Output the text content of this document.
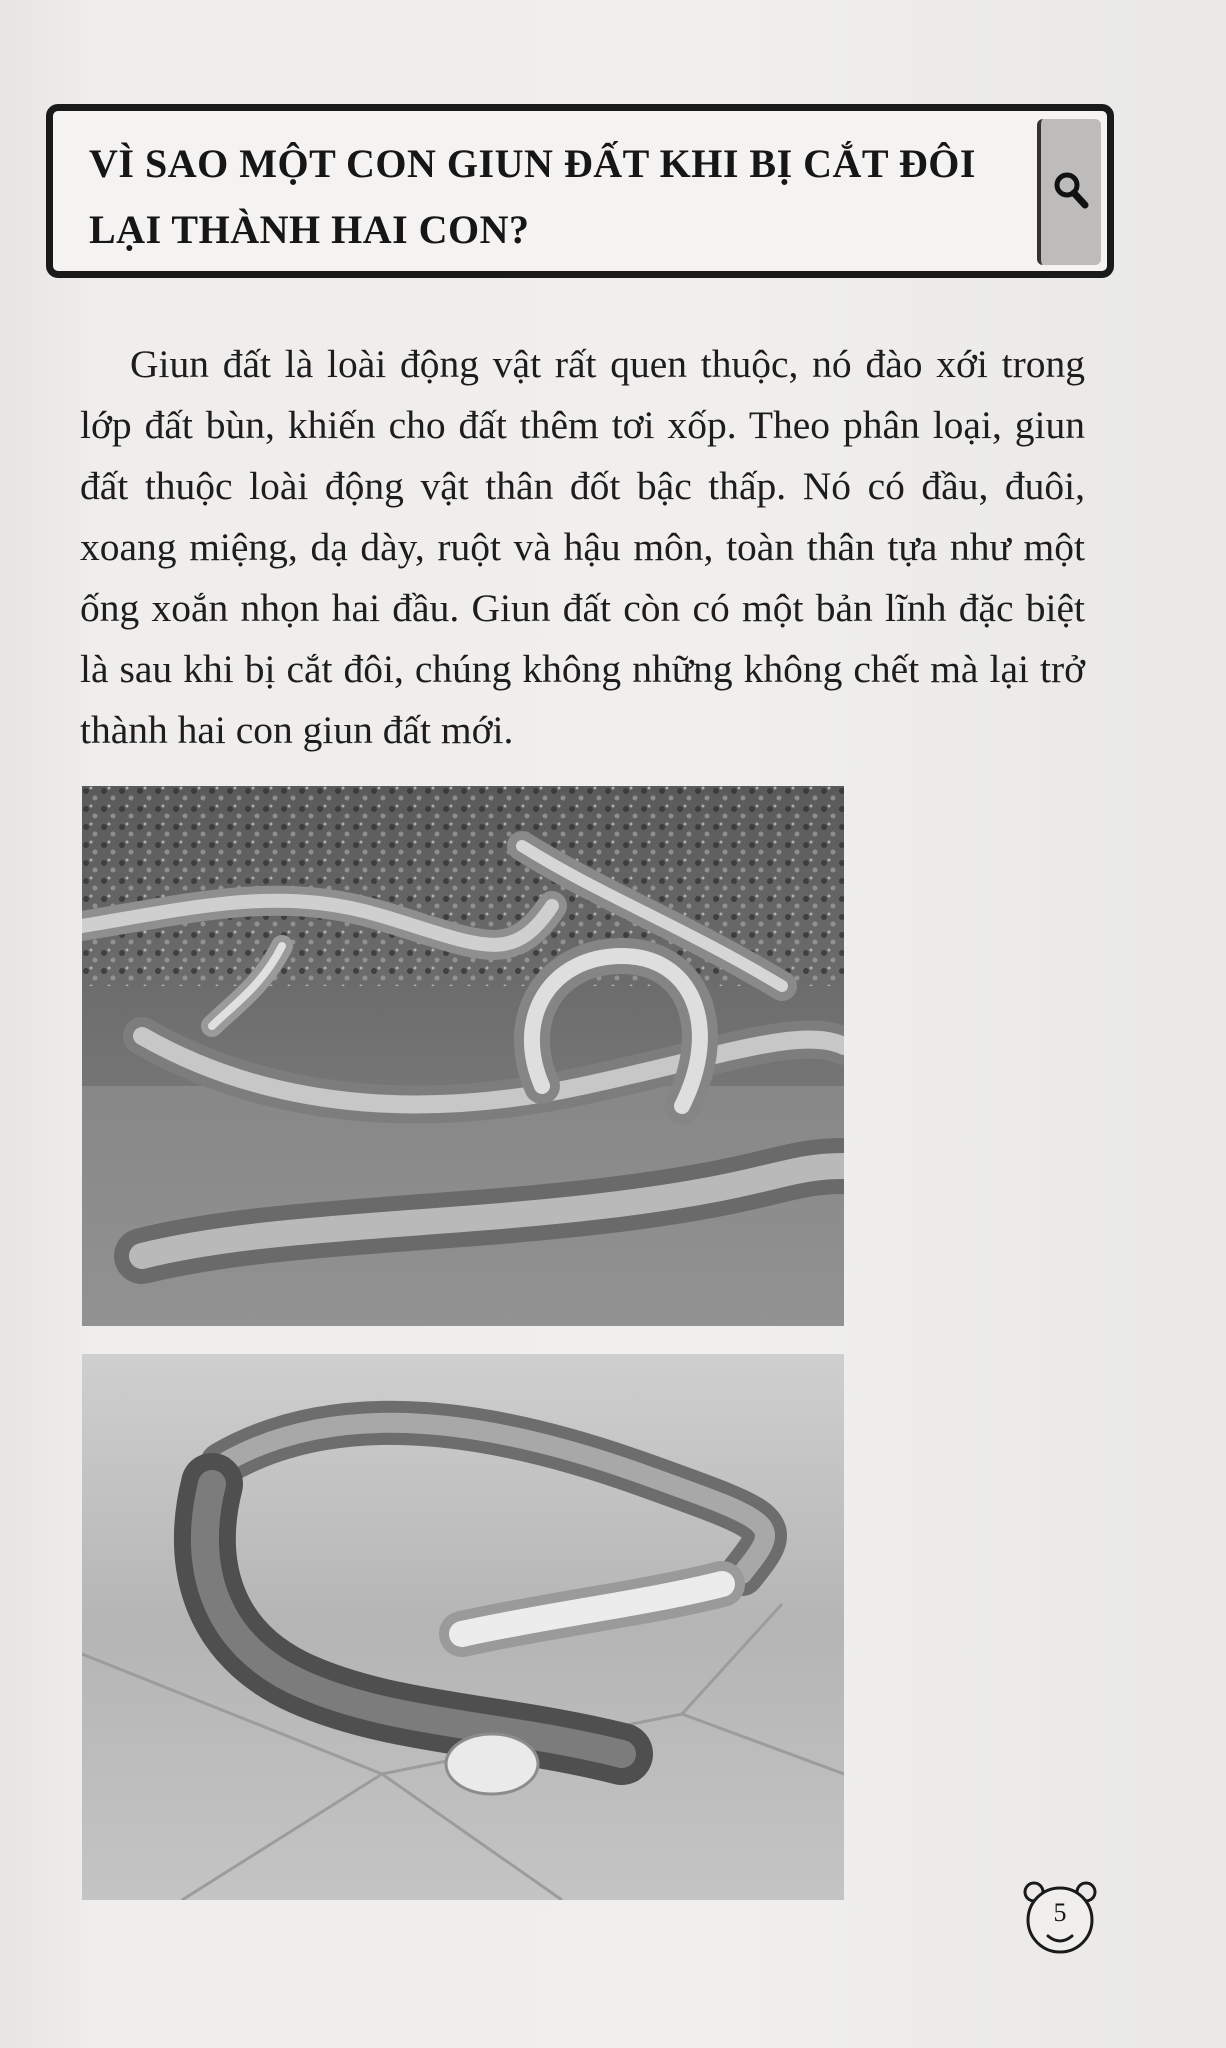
VÌ SAO MỘT CON GIUN ĐẤT KHI BỊ CẮT ĐÔI
LẠI THÀNH HAI CON?
Giun đất là loài động vật rất quen thuộc, nó đào xới trong lớp đất bùn, khiến cho đất thêm tơi xốp. Theo phân loại, giun đất thuộc loài động vật thân đốt bậc thấp. Nó có đầu, đuôi, xoang miệng, dạ dày, ruột và hậu môn, toàn thân tựa như một ống xoắn nhọn hai đầu. Giun đất còn có một bản lĩnh đặc biệt là sau khi bị cắt đôi, chúng không những không chết mà lại trở thành hai con giun đất mới.
5
